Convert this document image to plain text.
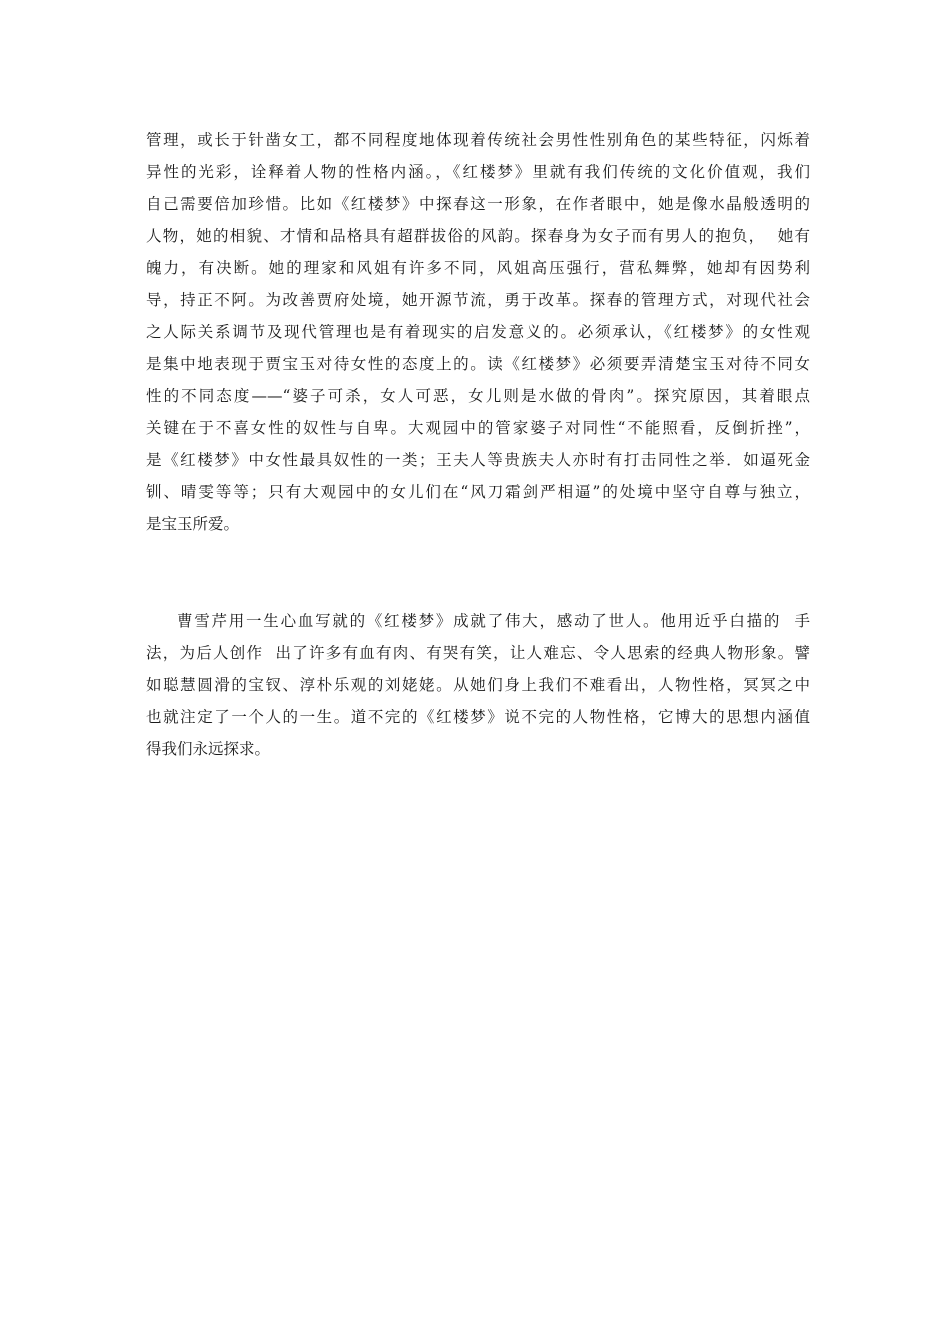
管理，或长于针凿女工，都不同程度地体现着传统社会男性性别角色的某些特征，闪烁着
异性的光彩，诠释着人物的性格内涵。，《红楼梦》里就有我们传统的文化价值观，我们
自己需要倍加珍惜。比如《红楼梦》中探春这一形象，在作者眼中，她是像水晶般透明的
人物，她的相貌、才情和品格具有超群拔俗的风韵。探春身为女子而有男人的抱负，  她有
魄力，有决断。她的理家和风姐有许多不同，风姐高压强行，营私舞弊，她却有因势利
导，持正不阿。为改善贾府处境，她开源节流，勇于改革。探春的管理方式，对现代社会
之人际关系调节及现代管理也是有着现实的启发意义的。必须承认，《红楼梦》的女性观
是集中地表现于贾宝玉对待女性的态度上的。读《红楼梦》必须要弄清楚宝玉对待不同女
性的不同态度——“婆子可杀，女人可恶，女儿则是水做的骨肉”。探究原因，其着眼点
关键在于不喜女性的奴性与自卑。大观园中的管家婆子对同性“不能照看，反倒折挫”，
是《红楼梦》中女性最具奴性的一类；王夫人等贵族夫人亦时有打击同性之举．如逼死金
钏、晴雯等等；只有大观园中的女儿们在“风刀霜剑严相逼”的处境中坚守自尊与独立，
是宝玉所爱。
曹雪芹用一生心血写就的《红楼梦》成就了伟大，感动了世人。他用近乎白描的  手
法，为后人创作  出了许多有血有肉、有哭有笑，让人难忘、令人思索的经典人物形象。譬
如聪慧圆滑的宝钗、淳朴乐观的刘姥姥。从她们身上我们不难看出，人物性格，冥冥之中
也就注定了一个人的一生。道不完的《红楼梦》说不完的人物性格，它博大的思想内涵值
得我们永远探求。
